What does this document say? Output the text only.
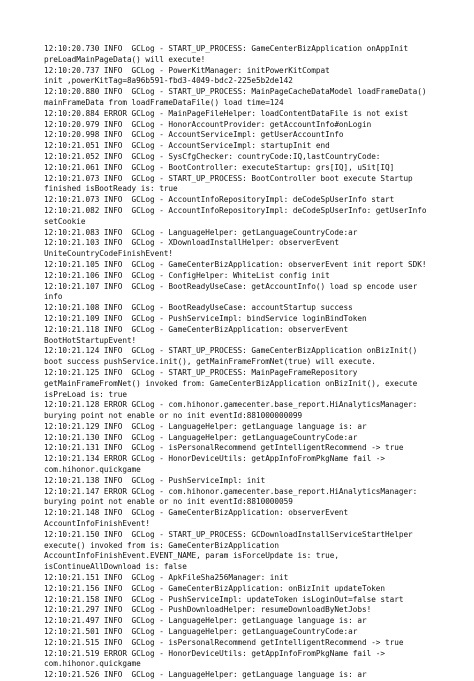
12:10:20.730 INFO  GCLog - START_UP_PROCESS: GameCenterBizApplication onAppInit
preLoadMainPageData() will execute!
12:10:20.737 INFO  GCLog - PowerKitManager: initPowerKitCompat
init ,powerKitTag=8a96b591-fbd3-4049-bdc2-225e5b2de142
12:10:20.880 INFO  GCLog - START_UP_PROCESS: MainPageCacheDataModel loadFrameData()
mainFrameData from loadFrameDataFile() load time=124
12:10:20.884 ERROR GCLog - MainPageFileHelper: loadContentDataFile is not exist
12:10:20.979 INFO  GCLog - HonorAccountProvider: getAccountInfo#onLogin
12:10:20.998 INFO  GCLog - AccountServiceImpl: getUserAccountInfo
12:10:21.051 INFO  GCLog - AccountServiceImpl: startupInit end
12:10:21.052 INFO  GCLog - SysCfgChecker: countryCode:IQ,lastCountryCode:
12:10:21.061 INFO  GCLog - BootController: executeStartup: grs[IQ], uSit[IQ]
12:10:21.073 INFO  GCLog - START_UP_PROCESS: BootController boot execute Startup
finished isBootReady is: true
12:10:21.073 INFO  GCLog - AccountInfoRepositoryImpl: deCodeSpUserInfo start
12:10:21.082 INFO  GCLog - AccountInfoRepositoryImpl: deCodeSpUserInfo: getUserInfo
setCookie
12:10:21.083 INFO  GCLog - LanguageHelper: getLanguageCountryCode:ar
12:10:21.103 INFO  GCLog - XDownloadInstallHelper: observerEvent
UniteCountryCodeFinishEvent!
12:10:21.105 INFO  GCLog - GameCenterBizApplication: observerEvent init report SDK!
12:10:21.106 INFO  GCLog - ConfigHelper: WhiteList config init
12:10:21.107 INFO  GCLog - BootReadyUseCase: getAccountInfo() load sp encode user
info
12:10:21.108 INFO  GCLog - BootReadyUseCase: accountStartup success
12:10:21.109 INFO  GCLog - PushServiceImpl: bindService loginBindToken
12:10:21.118 INFO  GCLog - GameCenterBizApplication: observerEvent
BootHotStartupEvent!
12:10:21.124 INFO  GCLog - START_UP_PROCESS: GameCenterBizApplication onBizInit()
boot success pushService.init(), getMainFrameFromNet(true) will execute.
12:10:21.125 INFO  GCLog - START_UP_PROCESS: MainPageFrameRepository
getMainFrameFromNet() invoked from: GameCenterBizApplication onBizInit(), execute
isPreLoad is: true
12:10:21.128 ERROR GCLog - com.hihonor.gamecenter.base_report.HiAnalyticsManager:
burying point not enable or no init eventId:881000000099
12:10:21.129 INFO  GCLog - LanguageHelper: getLanguage language is: ar
12:10:21.130 INFO  GCLog - LanguageHelper: getLanguageCountryCode:ar
12:10:21.131 INFO  GCLog - isPersonalRecommend getIntelligentRecommend -> true
12:10:21.134 ERROR GCLog - HonorDeviceUtils: getAppInfoFromPkgName fail ->
com.hihonor.quickgame
12:10:21.138 INFO  GCLog - PushServiceImpl: init
12:10:21.147 ERROR GCLog - com.hihonor.gamecenter.base_report.HiAnalyticsManager:
burying point not enable or no init eventId:8810000059
12:10:21.148 INFO  GCLog - GameCenterBizApplication: observerEvent
AccountInfoFinishEvent!
12:10:21.150 INFO  GCLog - START_UP_PROCESS: GCDownloadInstallServiceStartHelper
execute() invoked from is: GameCenterBizApplication
AccountInfoFinishEvent.EVENT_NAME, param isForceUpdate is: true,
isContinueAllDownload is: false
12:10:21.151 INFO  GCLog - ApkFileSha256Manager: init
12:10:21.156 INFO  GCLog - GameCenterBizApplication: onBizInit updateToken
12:10:21.158 INFO  GCLog - PushServiceImpl: updateToken isLoginOut=false start
12:10:21.297 INFO  GCLog - PushDownloadHelper: resumeDownloadByNetJobs!
12:10:21.497 INFO  GCLog - LanguageHelper: getLanguage language is: ar
12:10:21.501 INFO  GCLog - LanguageHelper: getLanguageCountryCode:ar
12:10:21.515 INFO  GCLog - isPersonalRecommend getIntelligentRecommend -> true
12:10:21.519 ERROR GCLog - HonorDeviceUtils: getAppInfoFromPkgName fail ->
com.hihonor.quickgame
12:10:21.526 INFO  GCLog - LanguageHelper: getLanguage language is: ar
